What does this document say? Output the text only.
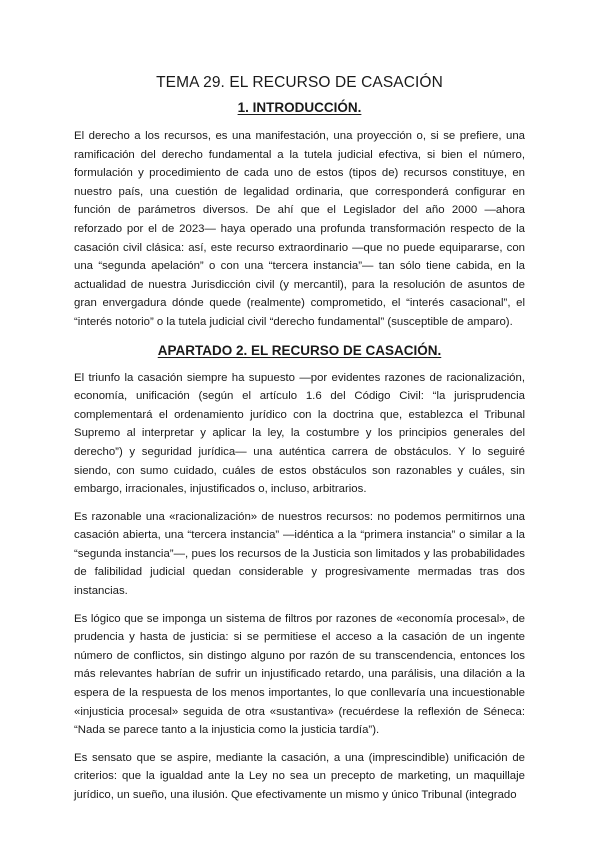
TEMA 29. EL RECURSO DE CASACIÓN
1. INTRODUCCIÓN.

El derecho a los recursos, es una manifestación, una proyección o, si se prefiere, una ramificación del derecho fundamental a la tutela judicial efectiva, si bien el número, formulación y procedimiento de cada uno de estos (tipos de) recursos constituye, en nuestro país, una cuestión de legalidad ordinaria, que corresponderá configurar en función de parámetros diversos. De ahí que el Legislador del año 2000 —ahora reforzado por el de 2023— haya operado una profunda transformación respecto de la casación civil clásica: así, este recurso extraordinario —que no puede equipararse, con una “segunda apelación” o con una “tercera instancia”— tan sólo tiene cabida, en la actualidad de nuestra Jurisdicción civil (y mercantil), para la resolución de asuntos de gran envergadura dónde quede (realmente) comprometido, el “interés casacional”, el “interés notorio” o la tutela judicial civil “derecho fundamental” (susceptible de amparo).

APARTADO 2. EL RECURSO DE CASACIÓN.

El triunfo la casación siempre ha supuesto —por evidentes razones de racionalización, economía, unificación (según el artículo 1.6 del Código Civil: “la jurisprudencia complementará el ordenamiento jurídico con la doctrina que, establezca el Tribunal Supremo al interpretar y aplicar la ley, la costumbre y los principios generales del derecho”) y seguridad jurídica— una auténtica carrera de obstáculos. Y lo seguiré siendo, con sumo cuidado, cuáles de estos obstáculos son razonables y cuáles, sin embargo, irracionales, injustificados o, incluso, arbitrarios.

Es razonable una «racionalización» de nuestros recursos: no podemos permitirnos una casación abierta, una “tercera instancia” —idéntica a la “primera instancia” o similar a la “segunda instancia”—, pues los recursos de la Justicia son limitados y las probabilidades de falibilidad judicial quedan considerable y progresivamente mermadas tras dos instancias.

Es lógico que se imponga un sistema de filtros por razones de «economía procesal», de prudencia y hasta de justicia: si se permitiese el acceso a la casación de un ingente número de conflictos, sin distingo alguno por razón de su transcendencia, entonces los más relevantes habrían de sufrir un injustificado retardo, una parálisis, una dilación a la espera de la respuesta de los menos importantes, lo que conllevaría una incuestionable «injusticia procesal» seguida de otra «sustantiva» (recuérdese la reflexión de Séneca: “Nada se parece tanto a la injusticia como la justicia tardía”).

Es sensato que se aspire, mediante la casación, a una (imprescindible) unificación de criterios: que la igualdad ante la Ley no sea un precepto de marketing, un maquillaje jurídico, un sueño, una ilusión. Que efectivamente un mismo y único Tribunal (integrado
